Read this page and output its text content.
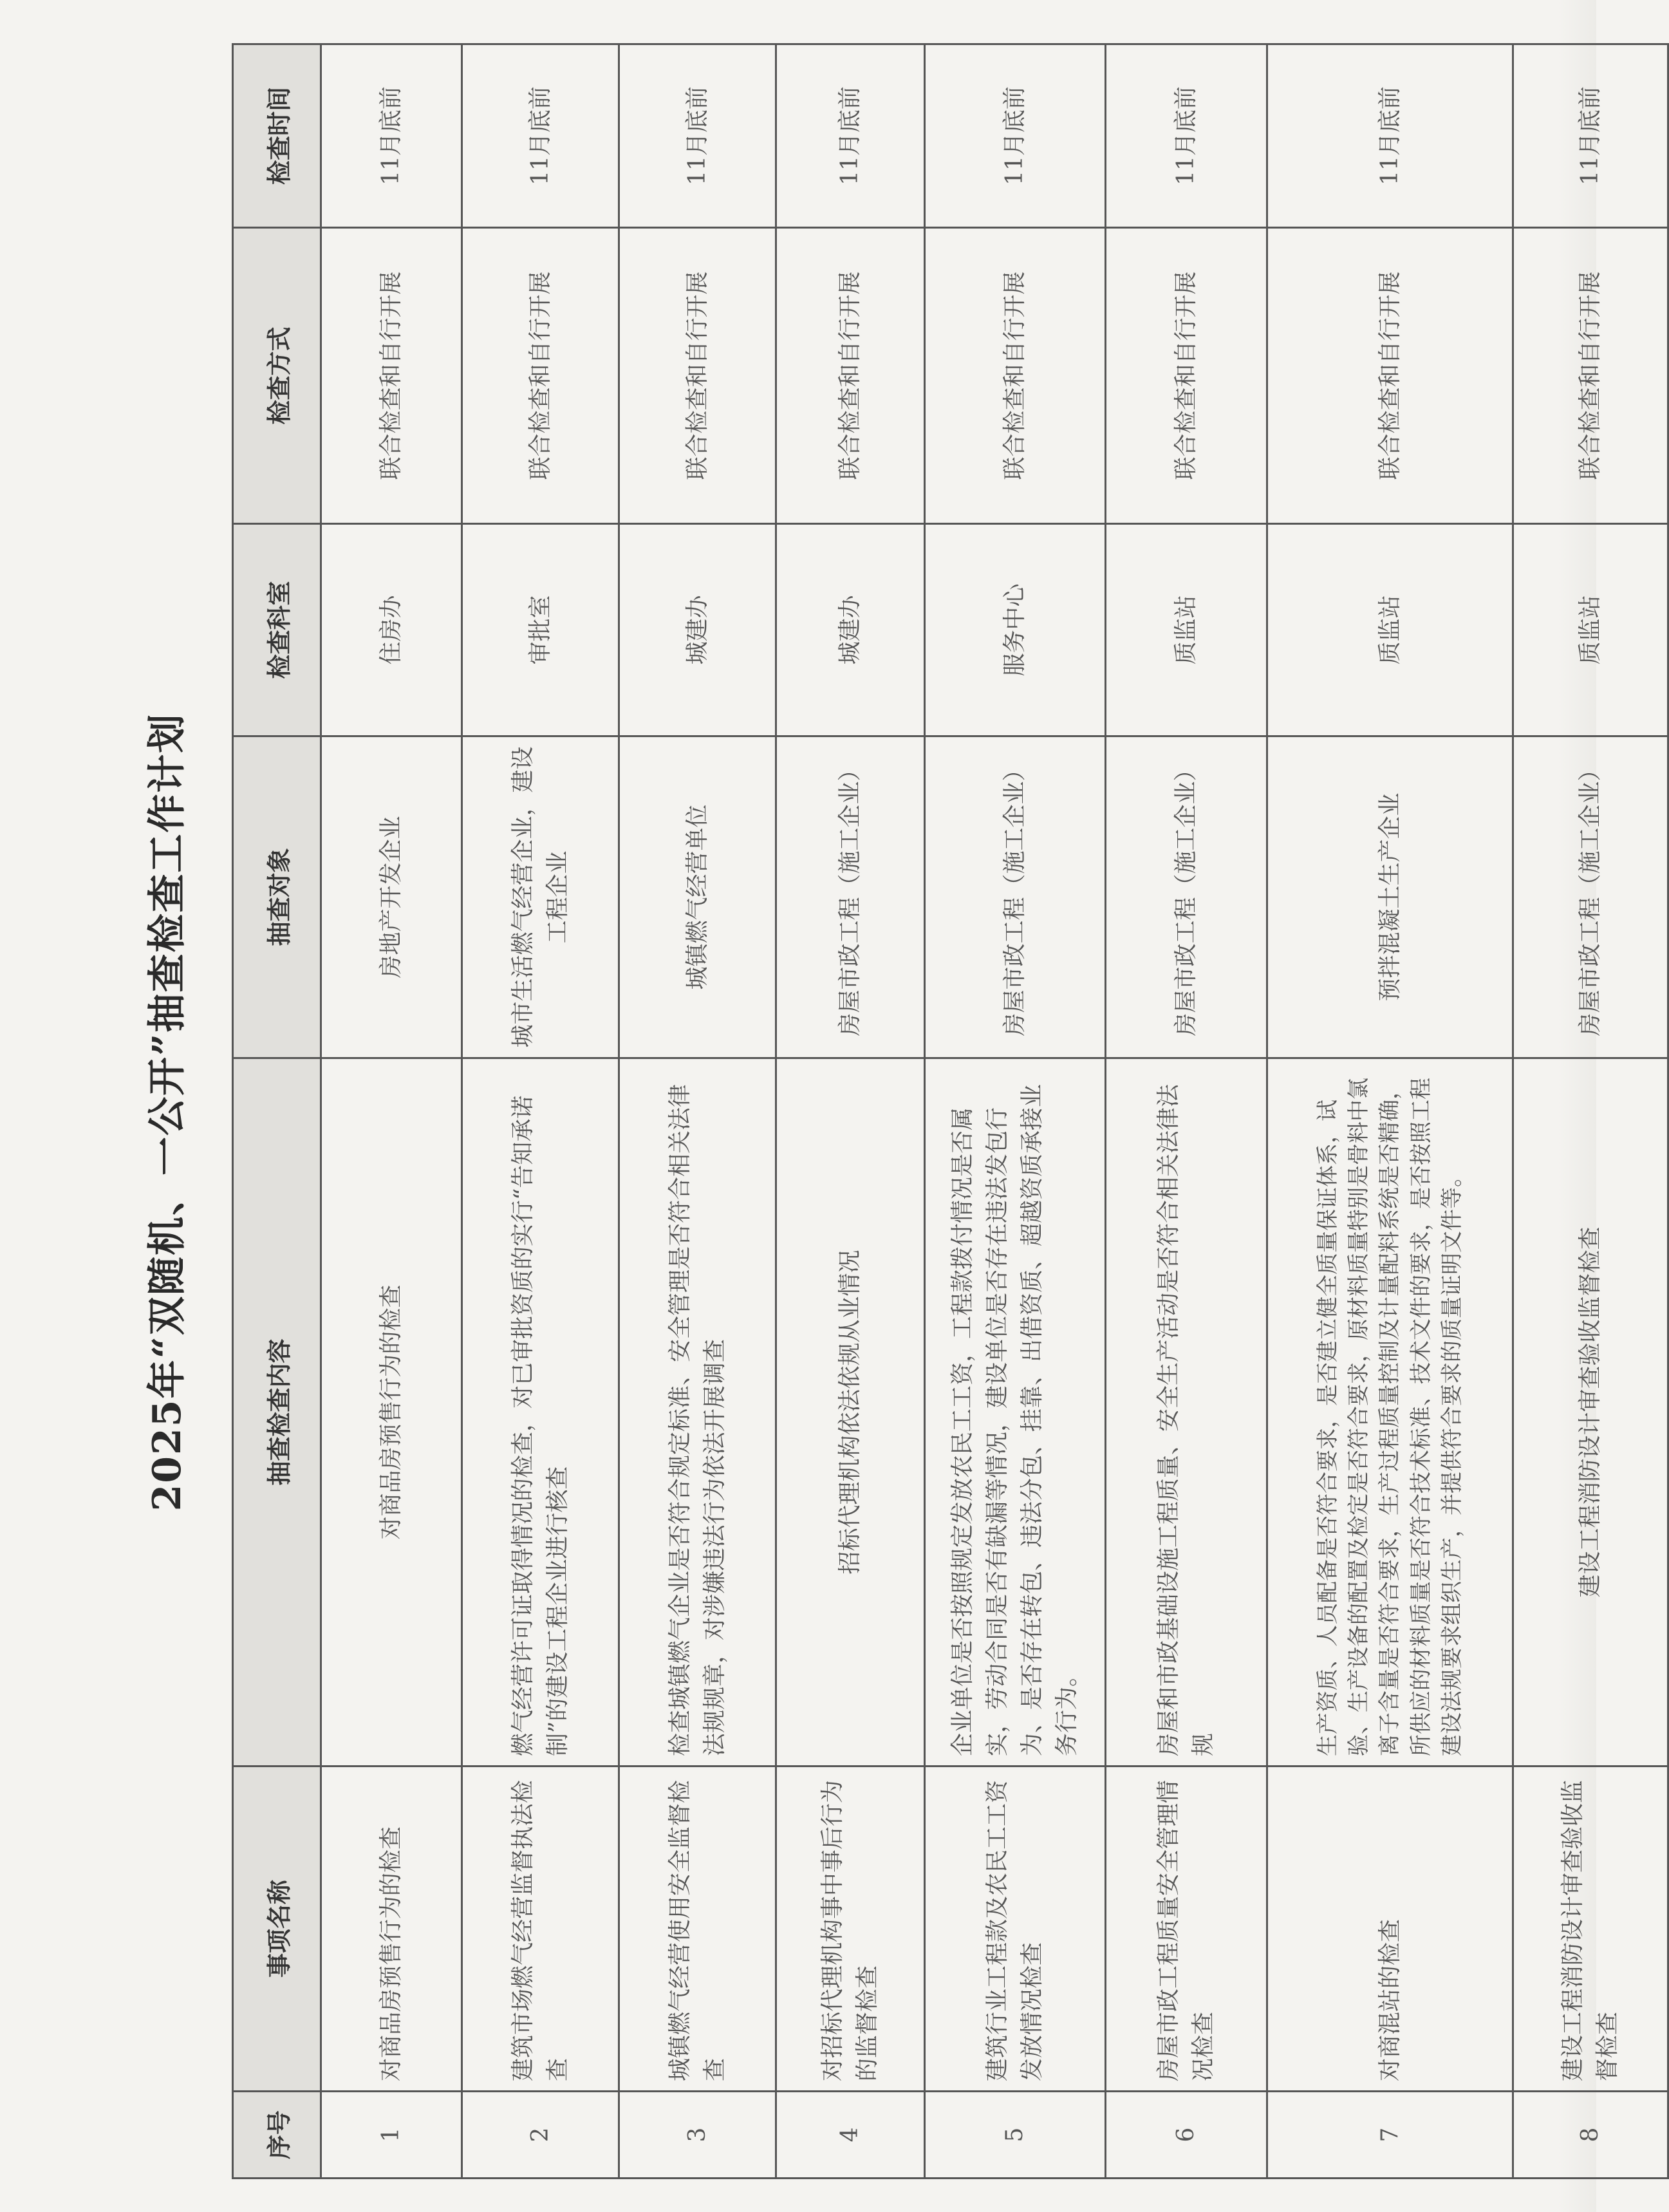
2025年“双随机、一公开”抽查检查工作计划
序号	事项名称	抽查检查内容	抽查对象	检查科室	检查方式	检查时间
1	对商品房预售行为的检查	对商品房预售行为的检查	房地产开发企业	住房办	联合检查和自行开展	11月底前
2	建筑市场燃气经营监督执法检查	燃气经营许可证取得情况的检查，对已审批资质的实行“告知承诺制”的建设工程企业进行核查	城市生活燃气经营企业，建设工程企业	审批室	联合检查和自行开展	11月底前
3	城镇燃气经营使用安全监督检查	检查城镇燃气企业是否符合规定标准、安全管理是否符合相关法律法规规章，对涉嫌违法行为依法开展调查	城镇燃气经营单位	城建办	联合检查和自行开展	11月底前
4	对招标代理机构事中事后行为的监督检查	招标代理机构依法依规从业情况	房屋市政工程（施工企业）	城建办	联合检查和自行开展	11月底前
5	建筑行业工程款及农民工工资发放情况检查	企业单位是否按照规定发放农民工工资，工程款拨付情况是否属实，劳动合同是否有缺漏等情况，建设单位是否存在违法发包行为、是否存在转包、违法分包、挂靠、出借资质、超越资质承接业务行为。	房屋市政工程（施工企业）	服务中心	联合检查和自行开展	11月底前
6	房屋市政工程质量安全管理情况检查	房屋和市政基础设施工程质量、安全生产活动是否符合相关法律法规	房屋市政工程（施工企业）	质监站	联合检查和自行开展	11月底前
7	对商混站的检查	生产资质、人员配备是否符合要求，是否建立健全质量保证体系，试验、生产设备的配置及检定是否符合要求，原材料质量特别是骨料中氯离子含量是否符合要求，生产过程质量控制及计量配料系统是否精确，所供应的材料质量是否符合技术标准、技术文件的要求，是否按照工程建设法规要求组织生产，并提供符合要求的质量证明文件等。	预拌混凝土生产企业	质监站	联合检查和自行开展	11月底前
8	建设工程消防设计审查验收监督检查	建设工程消防设计审查验收监督检查	房屋市政工程（施工企业）	质监站	联合检查和自行开展	11月底前
